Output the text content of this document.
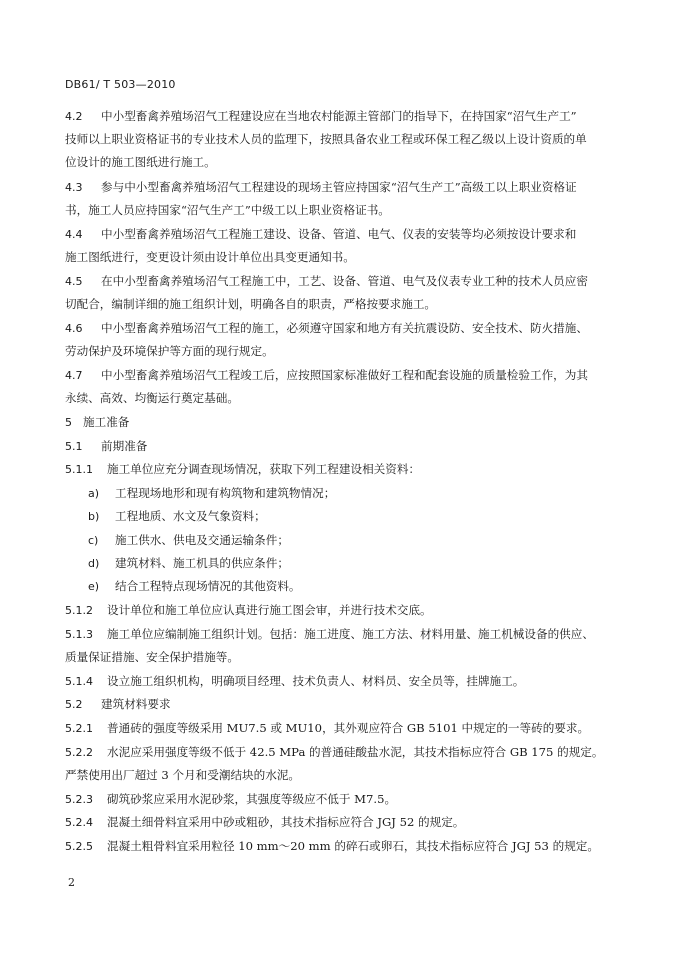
DB61/ T 503—2010
4.2 中小型畜禽养殖场沼气工程建设应在当地农村能源主管部门的指导下，在持国家“沼气生产工”
技师以上职业资格证书的专业技术人员的监理下，按照具备农业工程或环保工程乙级以上设计资质的单
位设计的施工图纸进行施工。
4.3 参与中小型畜禽养殖场沼气工程建设的现场主管应持国家“沼气生产工”高级工以上职业资格证
书，施工人员应持国家“沼气生产工”中级工以上职业资格证书。
4.4 中小型畜禽养殖场沼气工程施工建设、设备、管道、电气、仪表的安装等均必须按设计要求和
施工图纸进行，变更设计须由设计单位出具变更通知书。
4.5 在中小型畜禽养殖场沼气工程施工中，工艺、设备、管道、电气及仪表专业工种的技术人员应密
切配合，编制详细的施工组织计划，明确各自的职责，严格按要求施工。
4.6 中小型畜禽养殖场沼气工程的施工，必须遵守国家和地方有关抗震设防、安全技术、防火措施、
劳动保护及环境保护等方面的现行规定。
4.7 中小型畜禽养殖场沼气工程竣工后，应按照国家标准做好工程和配套设施的质量检验工作，为其
永续、高效、均衡运行奠定基础。
5 施工准备
5.1 前期准备
5.1.1 施工单位应充分调查现场情况，获取下列工程建设相关资料：
a) 工程现场地形和现有构筑物和建筑物情况；
b) 工程地质、水文及气象资料；
c) 施工供水、供电及交通运输条件；
d) 建筑材料、施工机具的供应条件；
e) 结合工程特点现场情况的其他资料。
5.1.2 设计单位和施工单位应认真进行施工图会审，并进行技术交底。
5.1.3 施工单位应编制施工组织计划。包括：施工进度、施工方法、材料用量、施工机械设备的供应、
质量保证措施、安全保护措施等。
5.1.4 设立施工组织机构，明确项目经理、技术负责人、材料员、安全员等，挂牌施工。
5.2 建筑材料要求
5.2.1 普通砖的强度等级采用 MU7.5 或 MU10，其外观应符合 GB 5101 中规定的一等砖的要求。
5.2.2 水泥应采用强度等级不低于 42.5 MPa 的普通硅酸盐水泥，其技术指标应符合 GB 175 的规定。
严禁使用出厂超过 3 个月和受潮结块的水泥。
5.2.3 砌筑砂浆应采用水泥砂浆，其强度等级应不低于 M7.5。
5.2.4 混凝土细骨料宜采用中砂或粗砂，其技术指标应符合 JGJ 52 的规定。
5.2.5 混凝土粗骨料宜采用粒径 10 mm～20 mm 的碎石或卵石，其技术指标应符合 JGJ 53 的规定。
2
